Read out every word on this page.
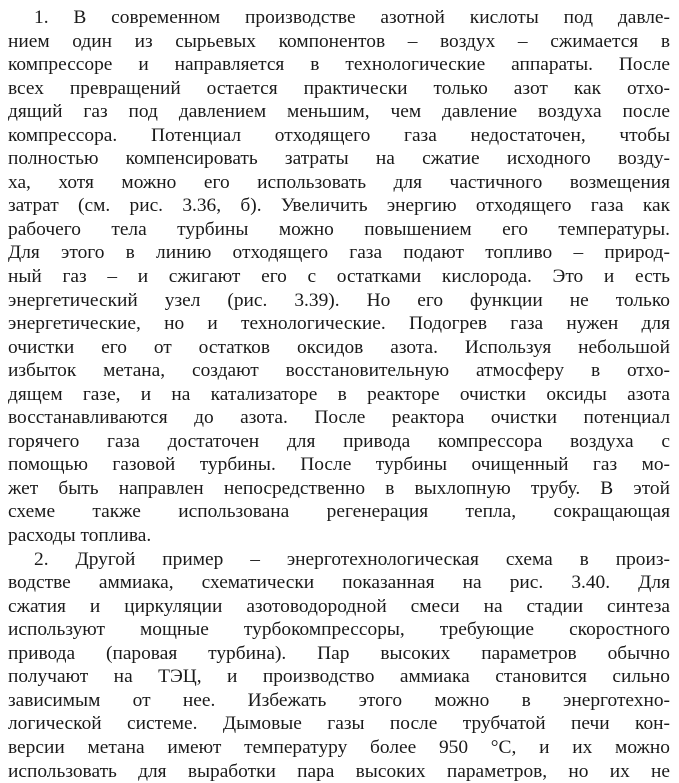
1. В современном производстве азотной кислоты под давле-
нием один из сырьевых компонентов – воздух – сжимается в
компрессоре и направляется в технологические аппараты. После
всех превращений остается практически только азот как отхо-
дящий газ под давлением меньшим, чем давление воздуха после
компрессора. Потенциал отходящего газа недостаточен, чтобы
полностью компенсировать затраты на сжатие исходного возду-
ха, хотя можно его использовать для частичного возмещения
затрат (см. рис. 3.36, б). Увеличить энергию отходящего газа как
рабочего тела турбины можно повышением его температуры.
Для этого в линию отходящего газа подают топливо – природ-
ный газ – и сжигают его с остатками кислорода. Это и есть
энергетический узел (рис. 3.39). Но его функции не только
энергетические, но и технологические. Подогрев газа нужен для
очистки его от остатков оксидов азота. Используя небольшой
избыток метана, создают восстановительную атмосферу в отхо-
дящем газе, и на катализаторе в реакторе очистки оксиды азота
восстанавливаются до азота. После реактора очистки потенциал
горячего газа достаточен для привода компрессора воздуха с
помощью газовой турбины. После турбины очищенный газ мо-
жет быть направлен непосредственно в выхлопную трубу. В этой
схеме также использована регенерация тепла, сокращающая
расходы топлива.
2. Другой пример – энерготехнологическая схема в произ-
водстве аммиака, схематически показанная на рис. 3.40. Для
сжатия и циркуляции азотоводородной смеси на стадии синтеза
используют мощные турбокомпрессоры, требующие скоростного
привода (паровая турбина). Пар высоких параметров обычно
получают на ТЭЦ, и производство аммиака становится сильно
зависимым от нее. Избежать этого можно в энерготехно-
логической системе. Дымовые газы после трубчатой печи кон-
версии метана имеют температуру более 950 °С, и их можно
использовать для выработки пара высоких параметров, но их не
